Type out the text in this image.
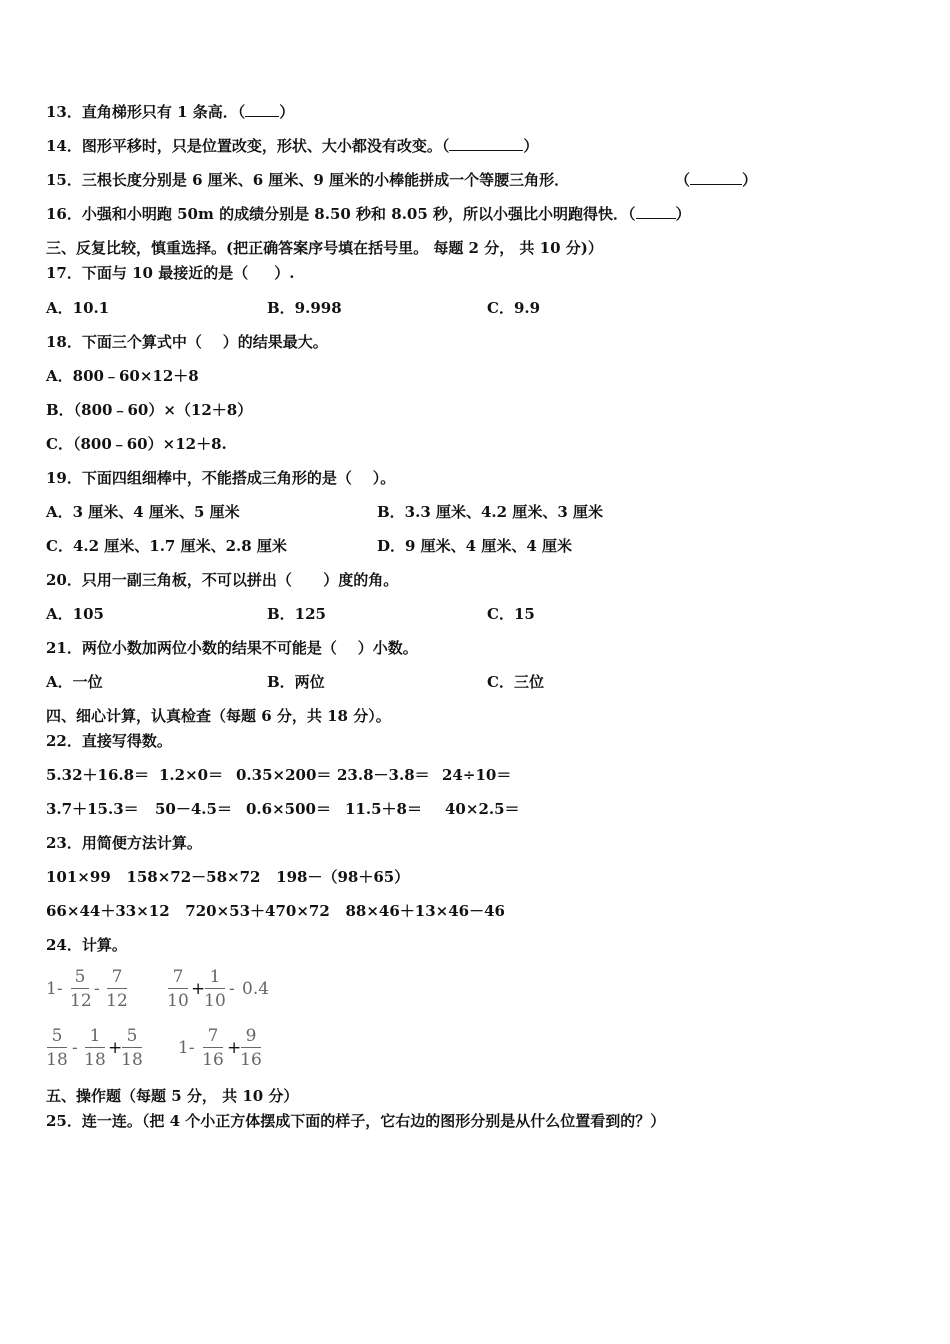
13．直角梯形只有 1 条高．（ ）
14．图形平移时，只是位置改变，形状、大小都没有改变。（	）
15．三根长度分别是 6 厘米、6 厘米、9 厘米的小棒能拼成一个等腰三角形．	（	）
16．小强和小明跑 50m 的成绩分别是 8.50 秒和 8.05 秒，所以小强比小明跑得快．（	）
三、反复比较，慎重选择。(把正确答案序号填在括号里。 每题 2 分， 共 10 分)）
17．下面与 10 最接近的是（     ）.
A．10.1	B．9.998	C．9.9
18．下面三个算式中（    ）的结果最大。
A．800﹣60×12＋8
B．（800﹣60）×（12＋8）
C．（800﹣60）×12＋8.
19．下面四组细棒中，不能搭成三角形的是（    ）。
A．3 厘米、4 厘米、5 厘米	B．3.3 厘米、4.2 厘米、3 厘米
C．4.2 厘米、1.7 厘米、2.8 厘米	D．9 厘米、4 厘米、4 厘米
20．只用一副三角板，不可以拼出（      ）度的角。
A．105	B．125	C．15
21．两位小数加两位小数的结果不可能是（    ）小数。
A．一位	B．两位	C．三位
四、细心计算，认真检查（每题 6 分，共 18 分）。
22．直接写得数。
5.32＋16.8＝ 1.2×0＝ 0.35×200＝ 23.8－3.8＝ 24÷10＝
3.7＋15.3＝ 50－4.5＝ 0.6×500＝ 11.5＋8＝ 40×2.5＝
23．用简便方法计算。
101×99   158×72－58×72   198－（98＋65）
66×44＋33×12   720×53＋470×72   88×46＋13×46－46
24．计算。
1-
5
12
-
7
12
7
10
+
1
10
- 0.4
5
18
-
1
18
+
5
18
1-
7
16
+
9
16
五、操作题（每题 5 分， 共 10 分）
25．连一连。（把 4 个小正方体摆成下面的样子，它右边的图形分别是从什么位置看到的？）
